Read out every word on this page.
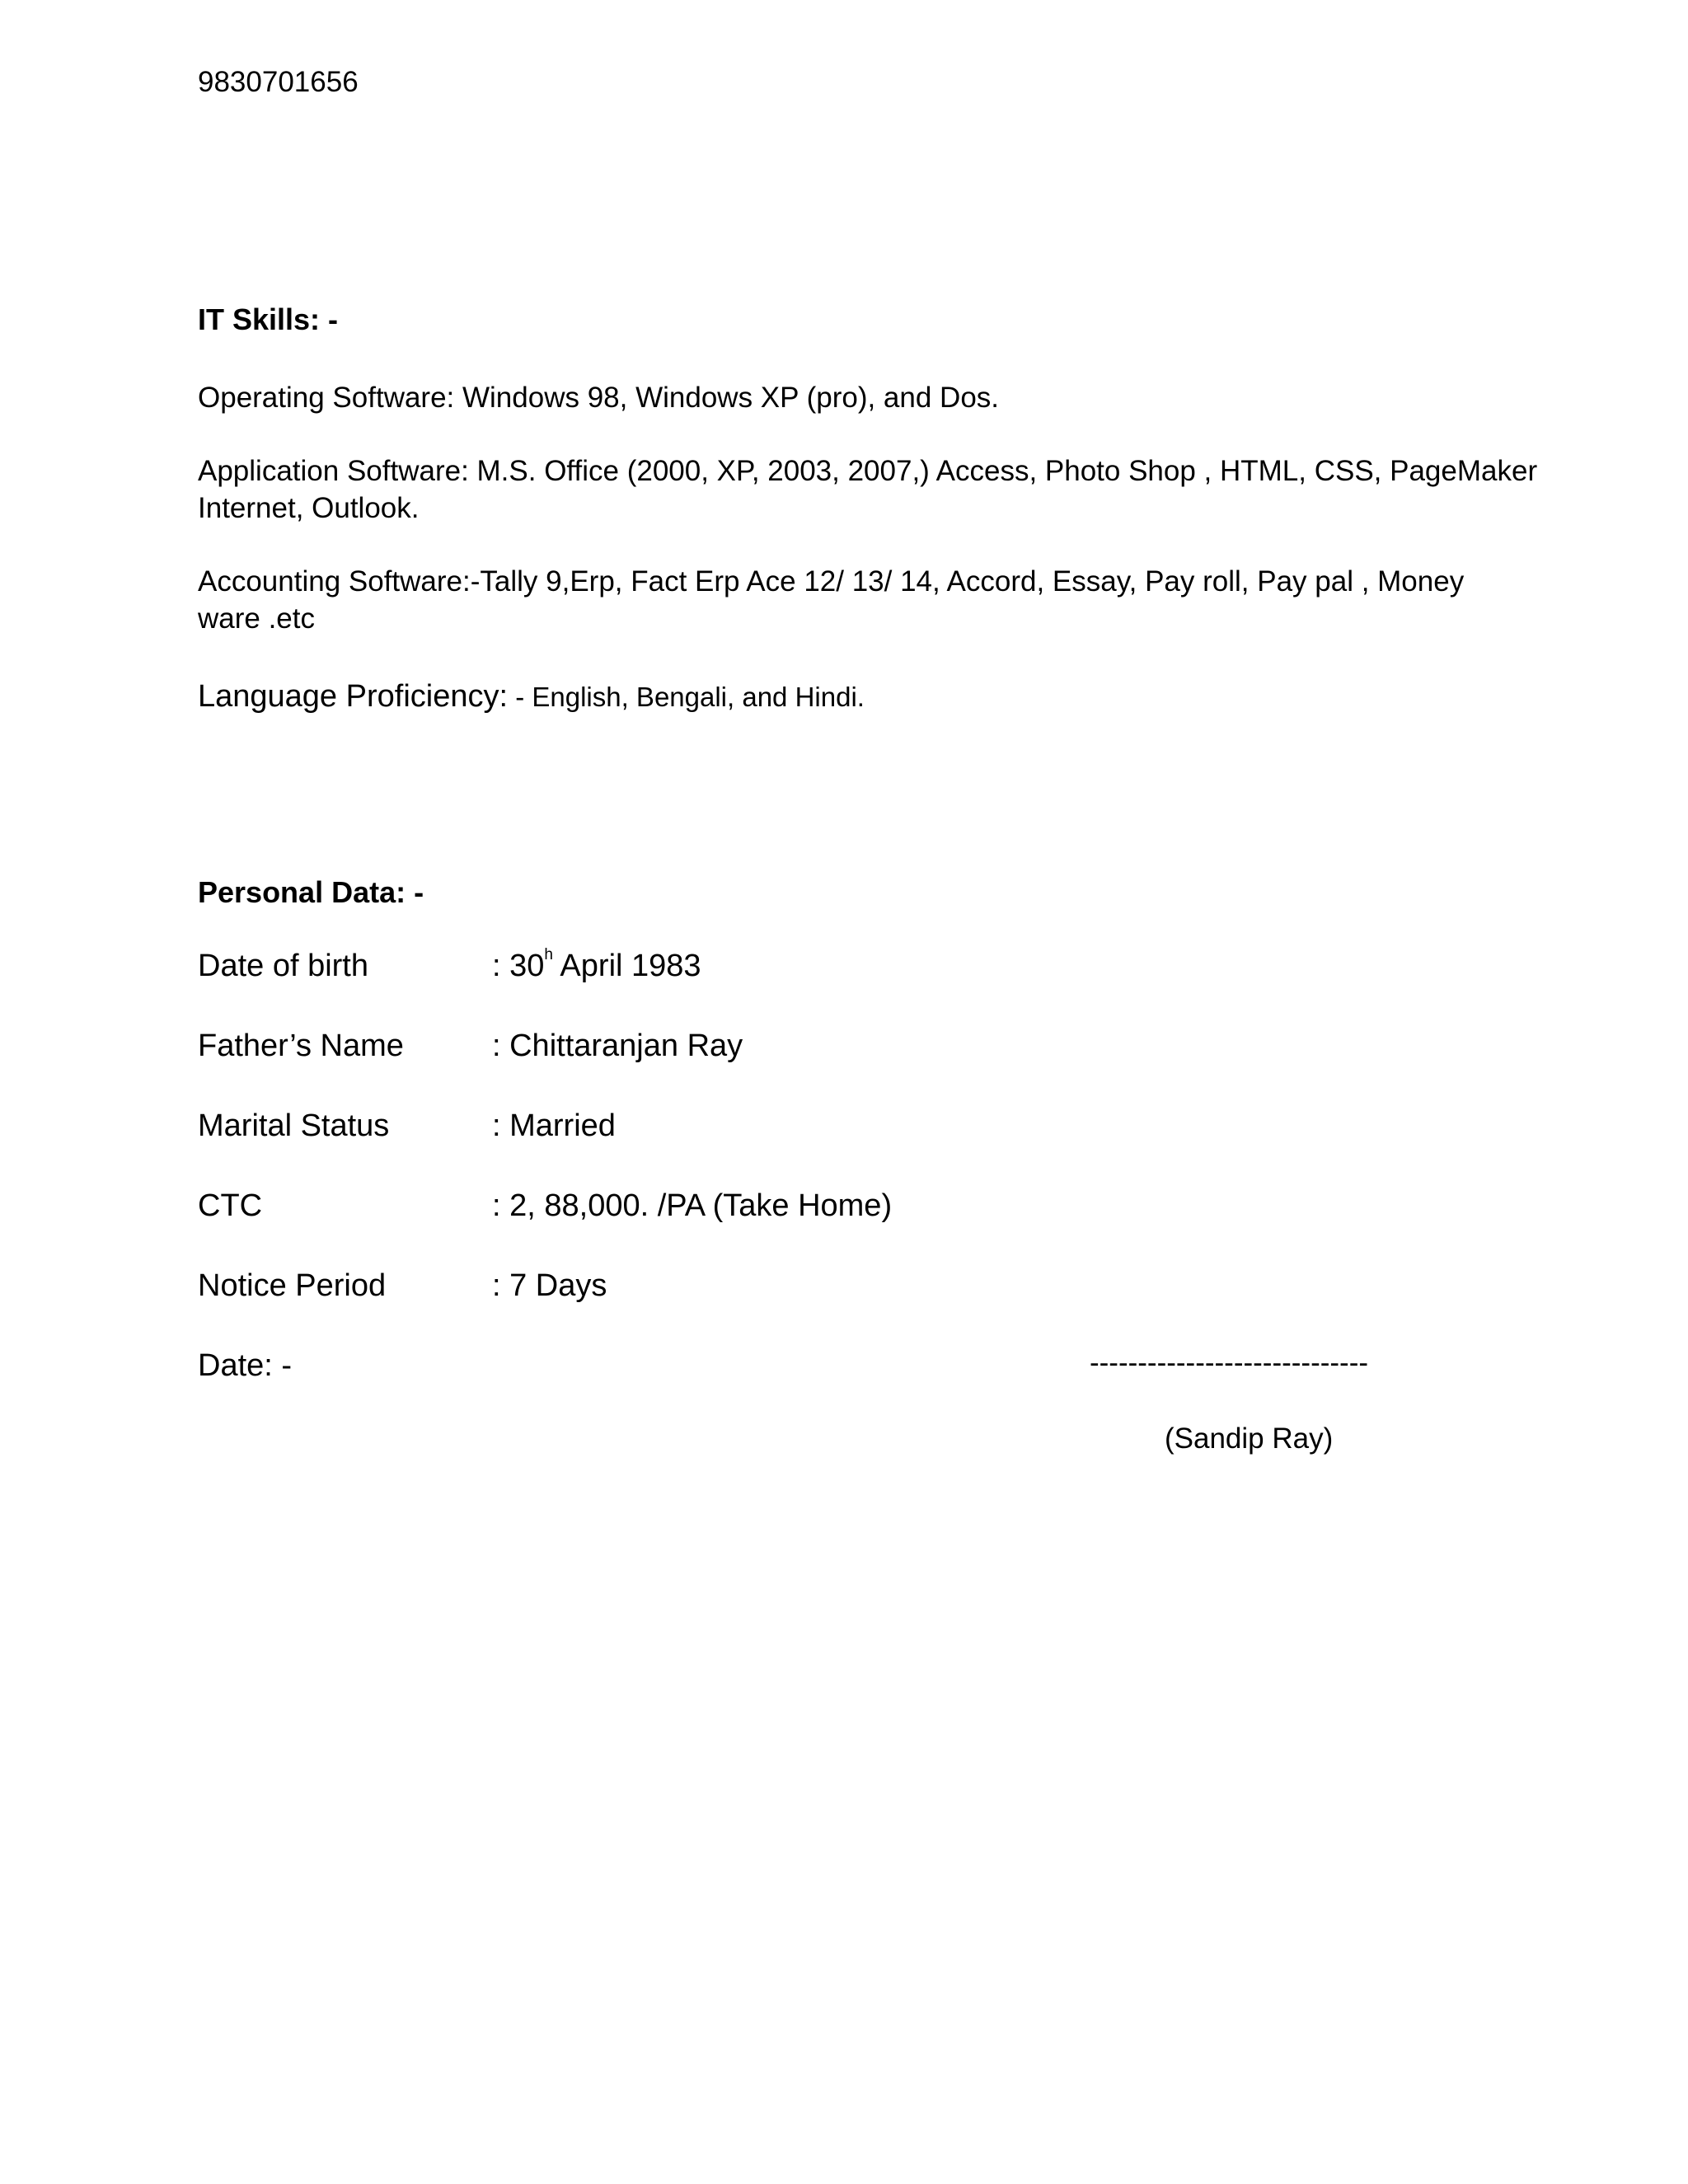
9830701656

IT Skills: -

Operating Software: Windows 98, Windows XP (pro), and Dos.

Application Software: M.S. Office (2000, XP, 2003, 2007,) Access, Photo Shop , HTML, CSS, PageMaker

Internet, Outlook.

Accounting Software:-Tally 9,Erp, Fact Erp Ace 12/ 13/ 14, Accord, Essay, Pay roll, Pay pal , Money

ware .etc

Language Proficiency: - English, Bengali, and Hindi.

Personal Data: -

Date of birth	: 30$^h$ April 1983

Father’s Name	: Chittaranjan Ray

Marital Status	: Married

CTC	: 2, 88,000. /PA (Take Home)

Notice Period	: 7 Days

Date: -	-----------------------------

(Sandip Ray)
